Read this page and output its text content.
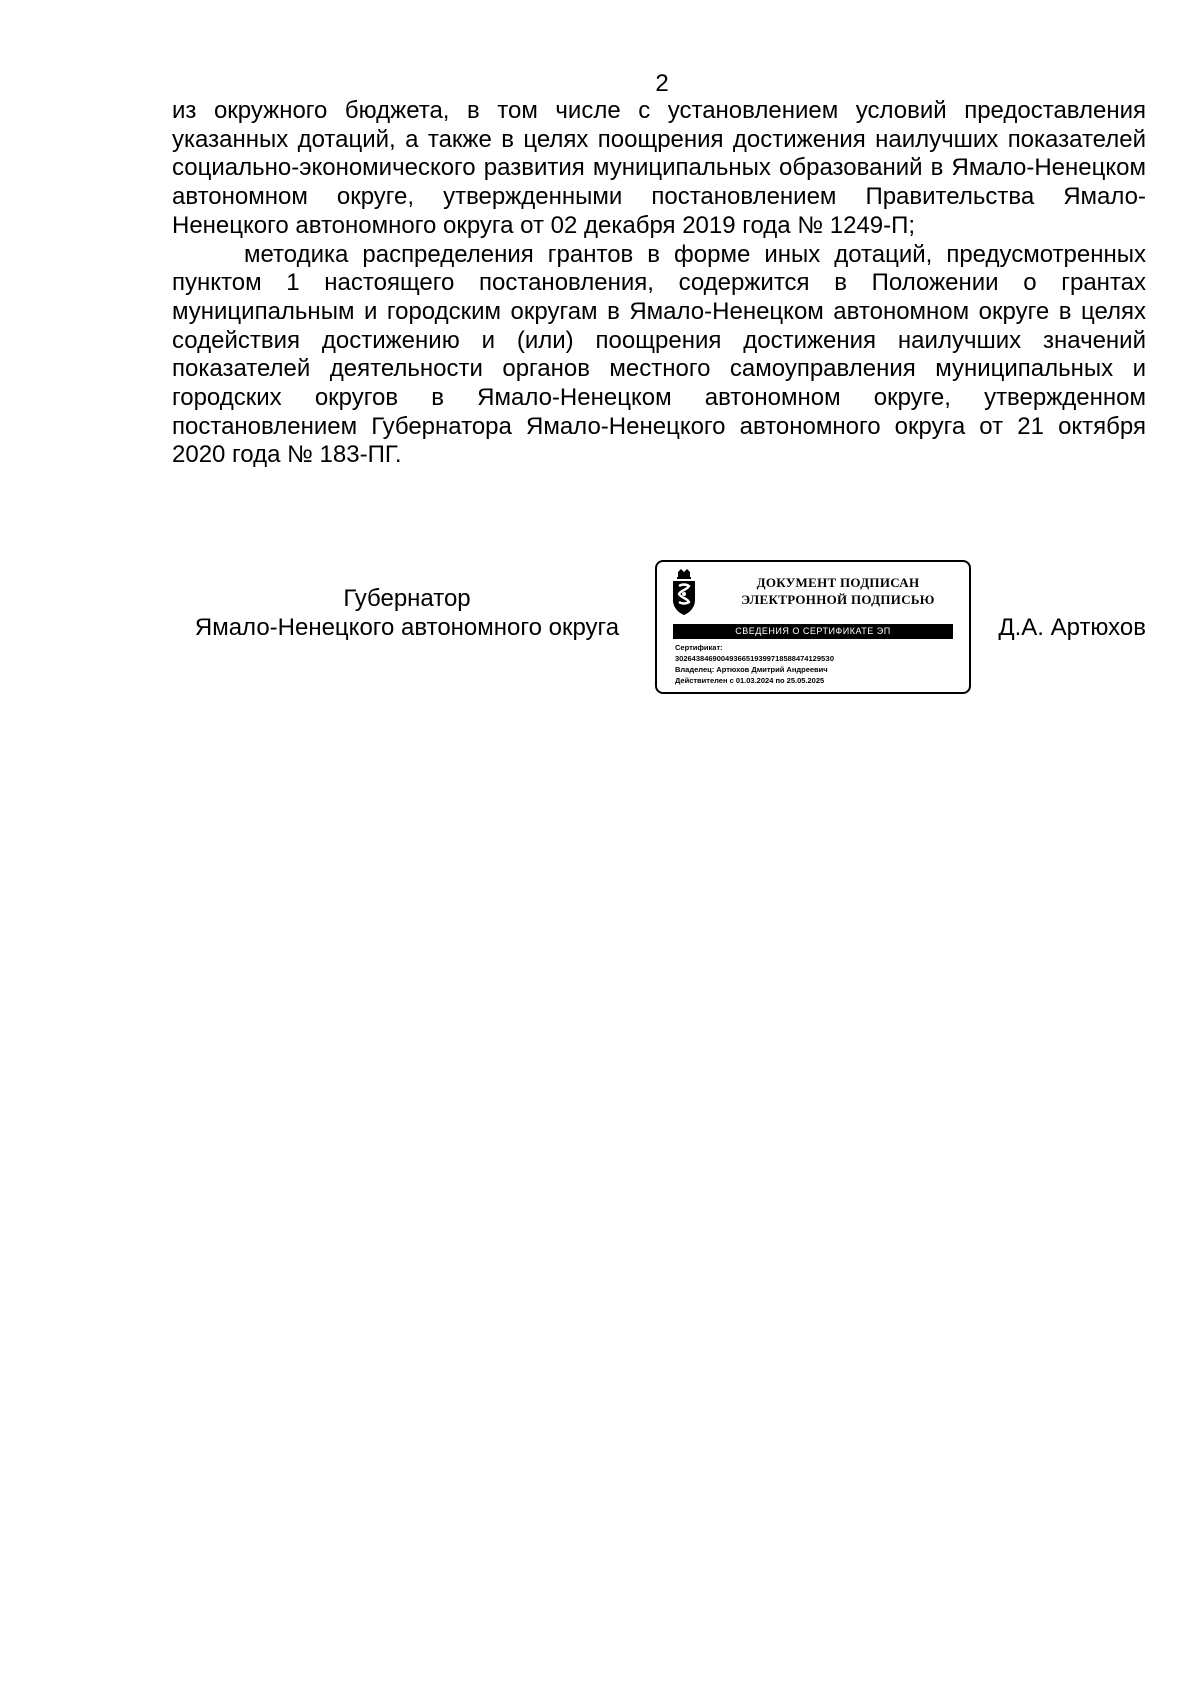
2

из окружного бюджета, в том числе с установлением условий предоставления указанных дотаций, а также в целях поощрения достижения наилучших показателей социально-экономического развития муниципальных образований в Ямало-Ненецком автономном округе, утвержденными постановлением Правительства Ямало-Ненецкого автономного округа от 02 декабря 2019 года № 1249-П;

методика распределения грантов в форме иных дотаций, предусмотренных пунктом 1 настоящего постановления, содержится в Положении о грантах муниципальным и городским округам в Ямало-Ненецком автономном округе в целях содействия достижению и (или) поощрения достижения наилучших значений показателей деятельности органов местного самоуправления муниципальных и городских округов в Ямало-Ненецком автономном округе, утвержденном постановлением Губернатора Ямало-Ненецкого автономного округа от 21 октября 2020 года № 183-ПГ.

Губернатор
Ямало-Ненецкого автономного округа
ДОКУМЕНТ ПОДПИСАН
ЭЛЕКТРОННОЙ ПОДПИСЬЮ
СВЕДЕНИЯ О СЕРТИФИКАТЕ ЭП
Сертификат:
302643846900493665193997185884741295З0
Владелец: Артюхов Дмитрий Андреевич
Действителен с 01.03.2024 по 25.05.2025
Д.А. Артюхов
